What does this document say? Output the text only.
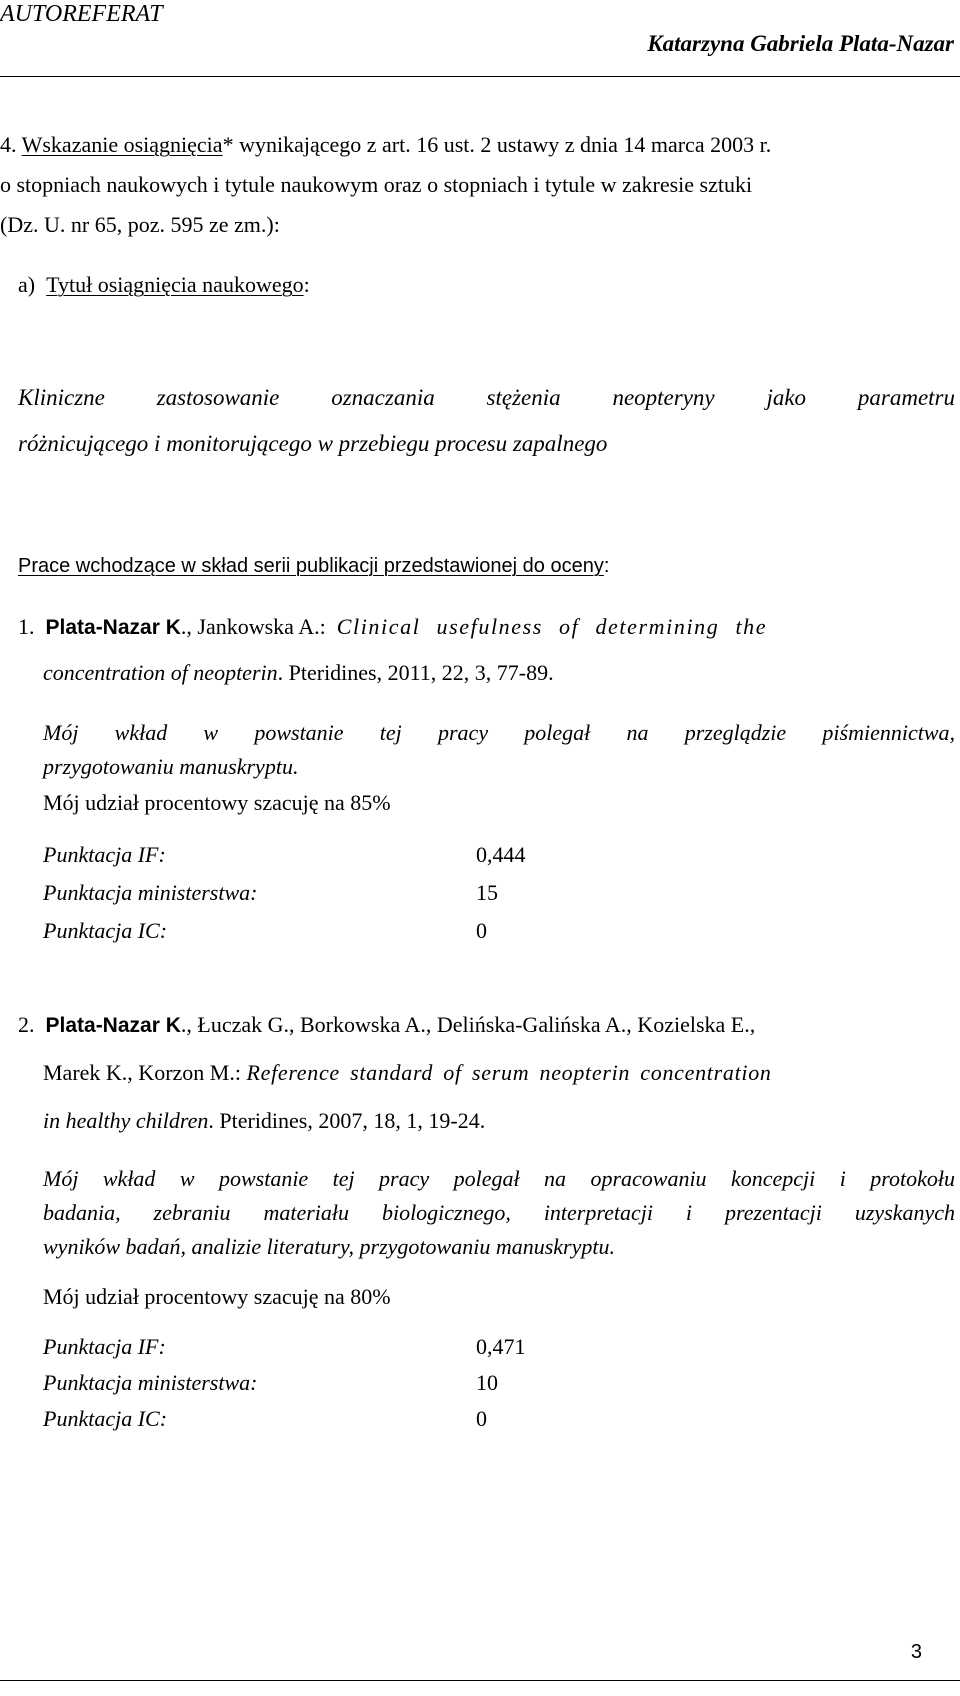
AUTOREFERAT
Katarzyna Gabriela Plata-Nazar
4. Wskazanie osiągnięcia* wynikającego z art. 16 ust. 2 ustawy z dnia 14 marca 2003 r.
o stopniach naukowych i tytule naukowym oraz o stopniach i tytule w zakresie sztuki
(Dz. U. nr 65, poz. 595 ze zm.):
a) Tytuł osiągnięcia naukowego:
Kliniczne zastosowanie oznaczania stężenia neopteryny jako parametru
różnicującego i monitorującego w przebiegu procesu zapalnego
Prace wchodzące w skład serii publikacji przedstawionej do oceny:
1. Plata-Nazar K., Jankowska A.:  Clinical usefulness of determining the
concentration of neopterin. Pteridines, 2011, 22, 3, 77-89.
Mój wkład w powstanie tej pracy polegał na przeglądzie piśmiennictwa,
przygotowaniu manuskryptu.
Mój udział procentowy szacuję na 85%
Punktacja IF:	0,444
Punktacja ministerstwa:	15
Punktacja IC:	0
2. Plata-Nazar K., Łuczak G., Borkowska A., Delińska-Galińska A., Kozielska E.,
Marek K., Korzon M.: Reference standard of serum neopterin concentration
in healthy children. Pteridines, 2007, 18, 1, 19-24.
Mój wkład w powstanie tej pracy polegał na opracowaniu koncepcji i protokołu
badania, zebraniu materiału biologicznego, interpretacji i prezentacji uzyskanych
wyników badań, analizie literatury, przygotowaniu manuskryptu.
Mój udział procentowy szacuję na 80%
Punktacja IF:	0,471
Punktacja ministerstwa:	10
Punktacja IC:	0
3
